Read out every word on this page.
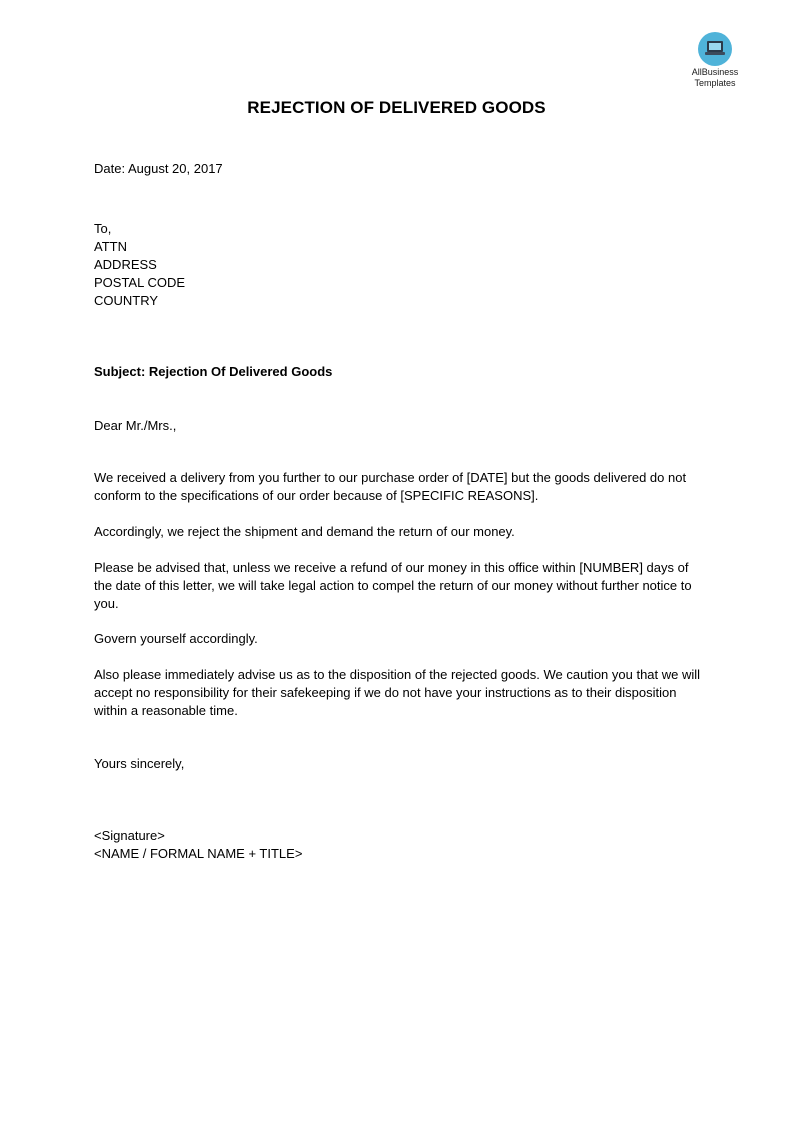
AllBusiness
Templates
REJECTION OF DELIVERED GOODS
Date: August 20, 2017
To,
ATTN
ADDRESS
POSTAL CODE
COUNTRY
Subject: Rejection Of Delivered Goods
Dear Mr./Mrs.,
We received a delivery from you further to our purchase order of [DATE] but the goods delivered do not conform to the specifications of our order because of [SPECIFIC REASONS].
Accordingly, we reject the shipment and demand the return of our money.
Please be advised that, unless we receive a refund of our money in this office within [NUMBER] days of the date of this letter, we will take legal action to compel the return of our money without further notice to you.
Govern yourself accordingly.
Also please immediately advise us as to the disposition of the rejected goods. We caution you that we will accept no responsibility for their safekeeping if we do not have your instructions as to their disposition within a reasonable time.
Yours sincerely,
<Signature>
<NAME / FORMAL NAME + TITLE>
